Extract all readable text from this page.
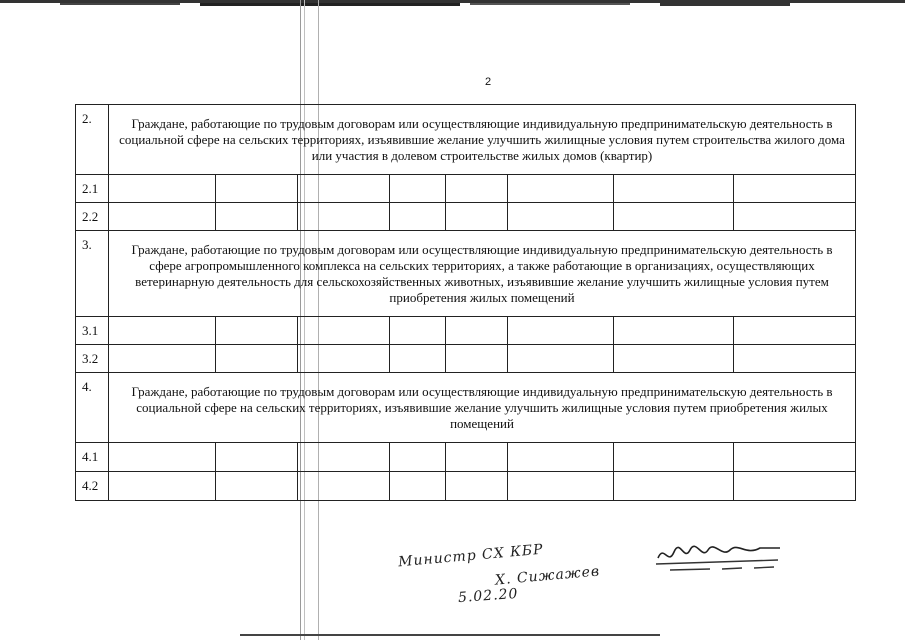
2
2.	Граждане, работающие по трудовым договорам или осуществляющие индивидуальную предпринимательскую деятельность в социальной сфере на сельских территориях, изъявившие желание улучшить жилищные условия путем строительства жилого дома или участия в долевом строительстве жилых домов (квартир)							
2.1								
2.2								
3.	Граждане, работающие по трудовым договорам или осуществляющие индивидуальную предпринимательскую деятельность в сфере агропромышленного комплекса на сельских территориях, а также работающие в организациях, осуществляющих ветеринарную деятельность для сельскохозяйственных животных, изъявившие желание улучшить жилищные условия путем приобретения жилых помещений							
3.1								
3.2								
4.	Граждане, работающие по трудовым договорам или осуществляющие индивидуальную предпринимательскую деятельность в социальной сфере на сельских территориях, изъявившие желание улучшить жилищные условия путем приобретения жилых помещений							
4.1								
4.2								
Министр СХ КБР
Х. Сижажев
5.02.20
